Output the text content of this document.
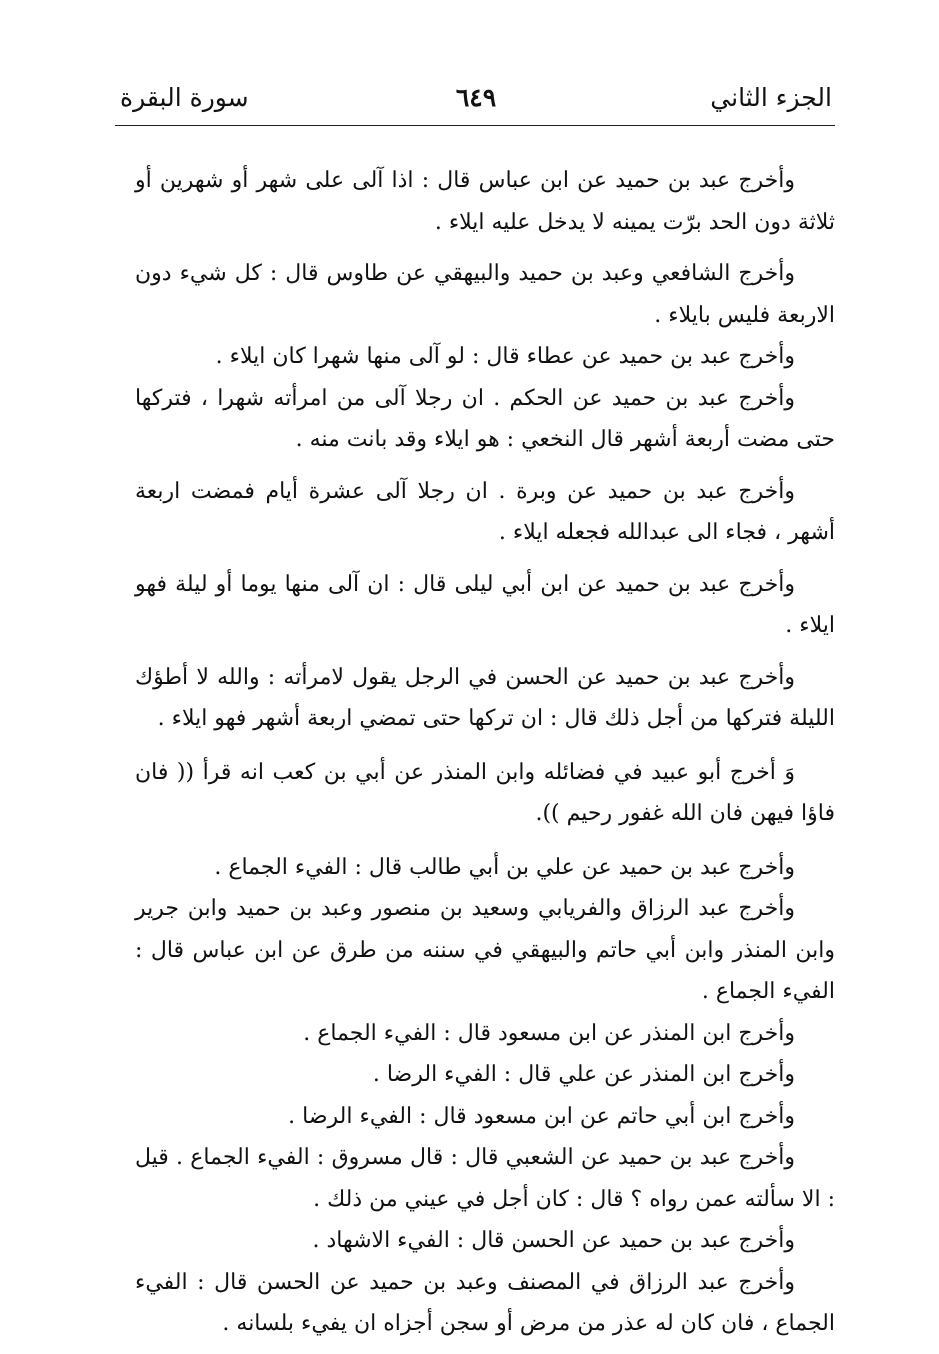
الجزء الثاني
٦٤٩
سورة البقرة

وأخرج عبد بن حميد عن ابن عباس قال : اذا آلى على شهر أو شهرين أو ثلاثة دون الحد برّت يمينه لا يدخل عليه ايلاء .

وأخرج الشافعي وعبد بن حميد والبيهقي عن طاوس قال : كل شيء دون الاربعة فليس بايلاء .

وأخرج عبد بن حميد عن عطاء قال : لو آلى منها شهرا كان ايلاء .

وأخرج عبد بن حميد عن الحكم . ان رجلا آلى من امرأته شهرا ، فتركها حتى مضت أربعة أشهر قال النخعي : هو ايلاء وقد بانت منه .

وأخرج عبد بن حميد عن وبرة . ان رجلا آلى عشرة أيام فمضت اربعة أشهر ، فجاء الى عبدالله فجعله ايلاء .

وأخرج عبد بن حميد عن ابن أبي ليلى قال : ان آلى منها يوما أو ليلة فهو ايلاء .

وأخرج عبد بن حميد عن الحسن في الرجل يقول لامرأته : والله لا أطؤك الليلة فتركها من أجل ذلك قال : ان تركها حتى تمضي اربعة أشهر فهو ايلاء .

وَ أخرج أبو عبيد في فضائله وابن المنذر عن أبي بن كعب انه قرأ (( فان فاؤا فيهن فان الله غفور رحيم )).

وأخرج عبد بن حميد عن علي بن أبي طالب قال : الفيء الجماع .

وأخرج عبد الرزاق والفريابي وسعيد بن منصور وعبد بن حميد وابن جرير وابن المنذر وابن أبي حاتم والبيهقي في سننه من طرق عن ابن عباس قال : الفيء الجماع .

وأخرج ابن المنذر عن ابن مسعود قال : الفيء الجماع .

وأخرج ابن المنذر عن علي قال : الفيء الرضا .

وأخرج ابن أبي حاتم عن ابن مسعود قال : الفيء الرضا .

وأخرج عبد بن حميد عن الشعبي قال : قال مسروق : الفيء الجماع . قيل : الا سألته عمن رواه ؟ قال : كان أجل في عيني من ذلك .

وأخرج عبد بن حميد عن الحسن قال : الفيء الاشهاد .

وأخرج عبد الرزاق في المصنف وعبد بن حميد عن الحسن قال : الفيء الجماع ، فان كان له عذر من مرض أو سجن أجزاه ان يفيء بلسانه .
